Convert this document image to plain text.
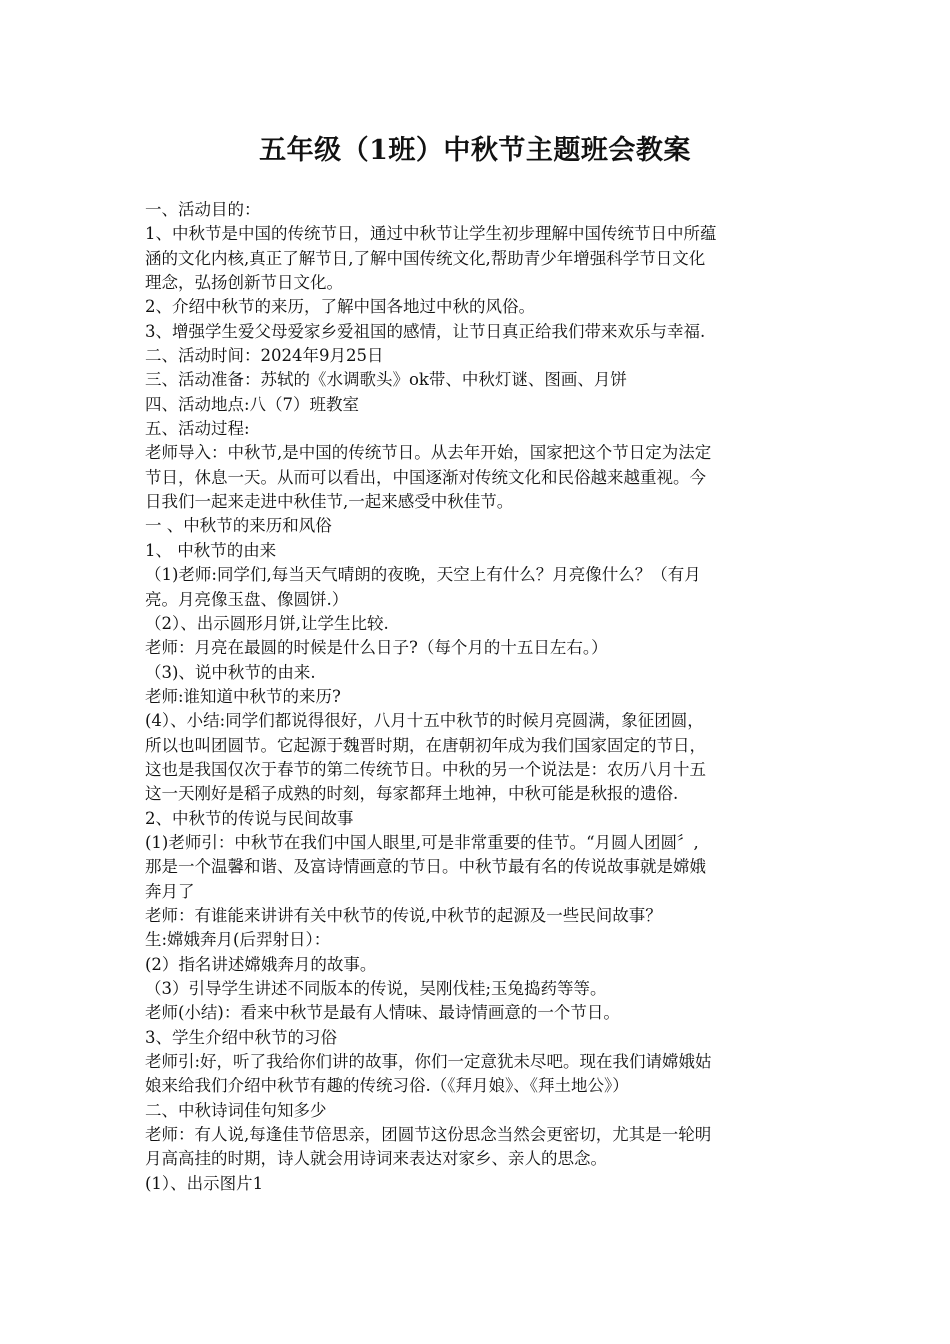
五年级（1班）中秋节主题班会教案
一、活动目的：
1、中秋节是中国的传统节日，通过中秋节让学生初步理解中国传统节日中所蕴
涵的文化内核,真正了解节日,了解中国传统文化,帮助青少年增强科学节日文化
理念，弘扬创新节日文化。
2、介绍中秋节的来历，了解中国各地过中秋的风俗。
3、增强学生爱父母爱家乡爱祖国的感情，让节日真正给我们带来欢乐与幸福.
二、活动时间：2024年9月25日
三、活动准备：苏轼的《水调歌头》ok带、中秋灯谜、图画、月饼
四、活动地点:八（7）班教室
五、活动过程:
老师导入：中秋节,是中国的传统节日。从去年开始，国家把这个节日定为法定
节日，休息一天。从而可以看出，中国逐渐对传统文化和民俗越来越重视。今
日我们一起来走进中秋佳节,一起来感受中秋佳节。
一 、中秋节的来历和风俗
1、 中秋节的由来
（1)老师:同学们,每当天气晴朗的夜晚，天空上有什么？月亮像什么？（有月
亮。月亮像玉盘、像圆饼.）
（2）、出示圆形月饼,让学生比较.
老师：月亮在最圆的时候是什么日子?（每个月的十五日左右。）
（3)、说中秋节的由来.
老师:谁知道中秋节的来历?
(4）、小结:同学们都说得很好，八月十五中秋节的时候月亮圆满，象征团圆，
所以也叫团圆节。它起源于魏晋时期，在唐朝初年成为我们国家固定的节日，
这也是我国仅次于春节的第二传统节日。中秋的另一个说法是：农历八月十五
这一天刚好是稻子成熟的时刻，每家都拜土地神，中秋可能是秋报的遗俗.
2、中秋节的传说与民间故事
(1)老师引：中秋节在我们中国人眼里,可是非常重要的佳节。“月圆人团圆〞,
那是一个温馨和谐、及富诗情画意的节日。中秋节最有名的传说故事就是嫦娥
奔月了
老师：有谁能来讲讲有关中秋节的传说,中秋节的起源及一些民间故事？
生:嫦娥奔月(后羿射日）：
(2）指名讲述嫦娥奔月的故事。
（3）引导学生讲述不同版本的传说，吴刚伐桂;玉兔捣药等等。
老师(小结)：看来中秋节是最有人情味、最诗情画意的一个节日。
3、学生介绍中秋节的习俗
老师引:好，听了我给你们讲的故事，你们一定意犹未尽吧。现在我们请嫦娥姑
娘来给我们介绍中秋节有趣的传统习俗.（《拜月娘》、《拜土地公》）
二、中秋诗词佳句知多少
老师：有人说,每逢佳节倍思亲，团圆节这份思念当然会更密切，尤其是一轮明
月高高挂的时期，诗人就会用诗词来表达对家乡、亲人的思念。
(1）、出示图片1
